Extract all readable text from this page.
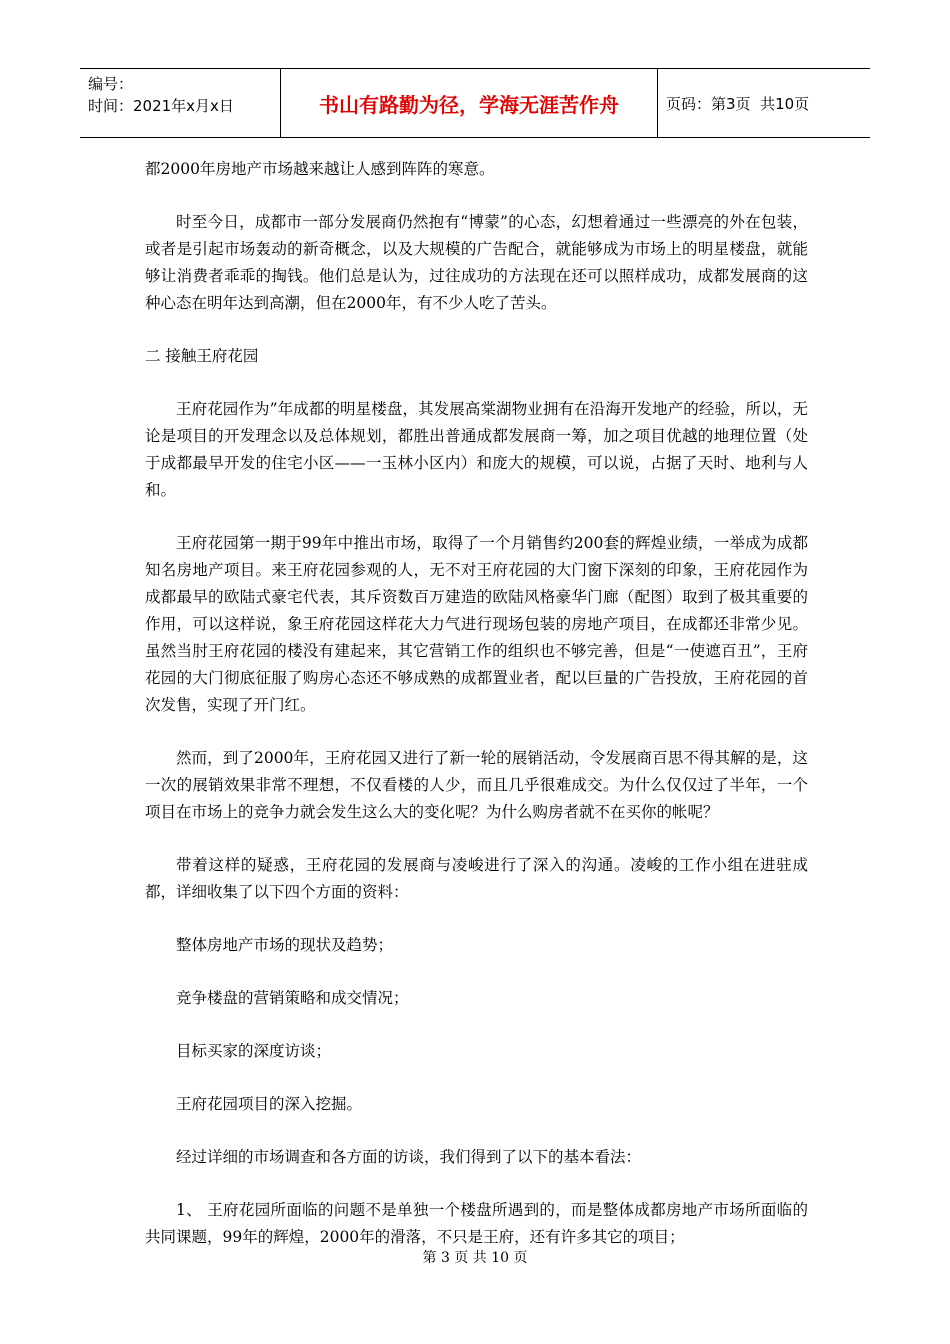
编号：
时间：2021年x月x日	书山有路勤为径，学海无涯苦作舟	页码：第3页  共10页

都2000年房地产市场越来越让人感到阵阵的寒意。

时至今日，成都市一部分发展商仍然抱有“博蒙”的心态，幻想着通过一些漂亮的外在包装，或者是引起市场轰动的新奇概念，以及大规模的广告配合，就能够成为市场上的明星楼盘，就能够让消费者乖乖的掏钱。他们总是认为，过往成功的方法现在还可以照样成功，成都发展商的这种心态在明年达到高潮，但在2000年，有不少人吃了苦头。

二 接触王府花园

王府花园作为”年成都的明星楼盘，其发展高棠湖物业拥有在沿海开发地产的经验，所以，无论是项目的开发理念以及总体规划，都胜出普通成都发展商一筹，加之项目优越的地理位置（处于成都最早开发的住宅小区——一玉林小区内）和庞大的规模，可以说，占据了天时、地利与人和。

王府花园第一期于99年中推出市场，取得了一个月销售约200套的辉煌业绩，一举成为成都知名房地产项目。来王府花园参观的人，无不对王府花园的大门窗下深刻的印象，王府花园作为成都最早的欧陆式豪宅代表，其斥资数百万建造的欧陆风格豪华门廊（配图）取到了极其重要的作用，可以这样说，象王府花园这样花大力气进行现场包装的房地产项目，在成都还非常少见。虽然当肘王府花园的楼没有建起来，其它营销工作的组织也不够完善，但是“一使遮百丑”，王府花园的大门彻底征服了购房心态还不够成熟的成都置业者，配以巨量的广告投放，王府花园的首次发售，实现了开门红。

然而，到了2000年，王府花园又进行了新一轮的展销活动，令发展商百思不得其解的是，这一次的展销效果非常不理想，不仅看楼的人少，而且几乎很难成交。为什么仅仅过了半年，一个项目在市场上的竞争力就会发生这么大的变化呢？为什么购房者就不在买你的帐呢？

带着这样的疑惑，王府花园的发展商与凌峻进行了深入的沟通。凌峻的工作小组在进驻成都，详细收集了以下四个方面的资料：

整体房地产市场的现状及趋势；

竞争楼盘的营销策略和成交情况；

目标买家的深度访谈；

王府花园项目的深入挖掘。

经过详细的市场调查和各方面的访谈，我们得到了以下的基本看法：

1、 王府花园所面临的问题不是单独一个楼盘所遇到的，而是整体成都房地产市场所面临的共同课题，99年的辉煌，2000年的滑落，不只是王府，还有许多其它的项目；

第 3 页 共 10 页
